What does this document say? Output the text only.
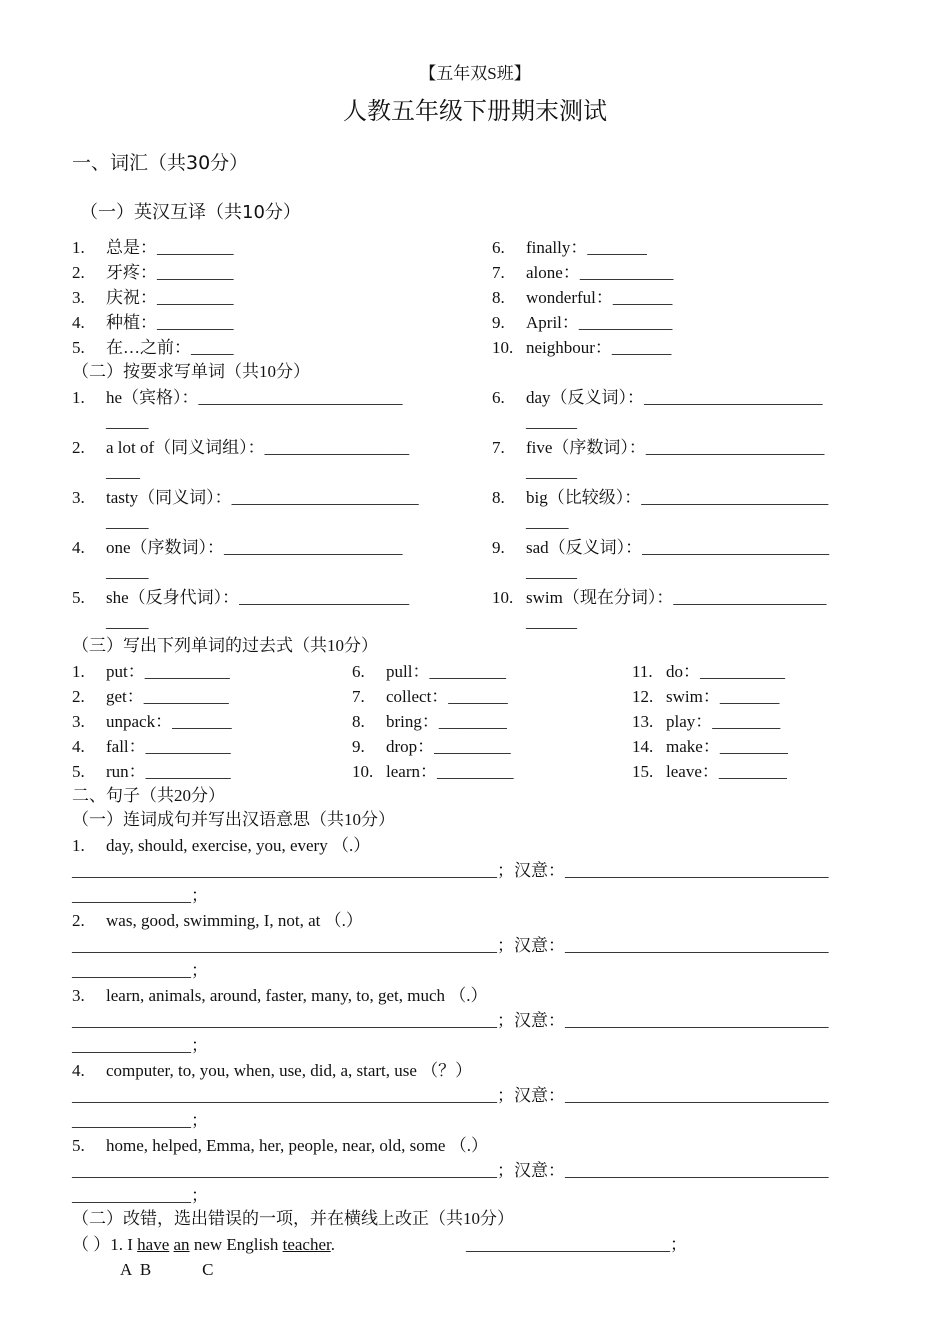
【五年双S班】
人教五年级下册期末测试
一、词汇（共30分）
（一）英汉互译（共10分）
1. 总是：_________	6. finally：_______
2. 牙疼：_________	7. alone：___________
3. 庆祝：_________	8. wonderful：_______
4. 种植：_________	9. April：___________
5. 在…之前：_____	10. neighbour：_______
（二）按要求写单词（共10分）
1. he（宾格）：________________________
_____
6. day（反义词）：_____________________
______
2. a lot of（同义词组）：_________________
____
7. five（序数词）：_____________________
______
3. tasty（同义词）：______________________
_____
8. big（比较级）：______________________
_____
4. one（序数词）：_____________________
_____
9. sad（反义词）：______________________
______
5. she（反身代词）：____________________
_____
10. swim（现在分词）：__________________
______
（三）写出下列单词的过去式（共10分）
1. put：__________	6. pull：_________	11. do：__________
2. get：__________	7. collect：_______	12. swim：_______
3. unpack：_______	8. bring：________	13. play：________
4. fall：__________	9. drop：_________	14. make：________
5. run：__________	10. learn：_________	15. leave：________
二、句子（共20分）
（一）连词成句并写出汉语意思（共10分）
1. day, should, exercise, you, every （.）
__________________________________________________；汉意：_______________________________
______________；
2. was, good, swimming, I, not, at （.）
__________________________________________________；汉意：_______________________________
______________；
3. learn, animals, around, faster, many, to, get, much （.）
__________________________________________________；汉意：_______________________________
______________；
4. computer, to, you, when, use, did, a, start, use （？）
__________________________________________________；汉意：_______________________________
______________；
5. home, helped, Emma, her, people, near, old, some （.）
__________________________________________________；汉意：_______________________________
______________；
（二）改错，选出错误的一项，并在横线上改正（共10分）
（ ）1. I have an new English teacher.	________________________；
A  B            C
